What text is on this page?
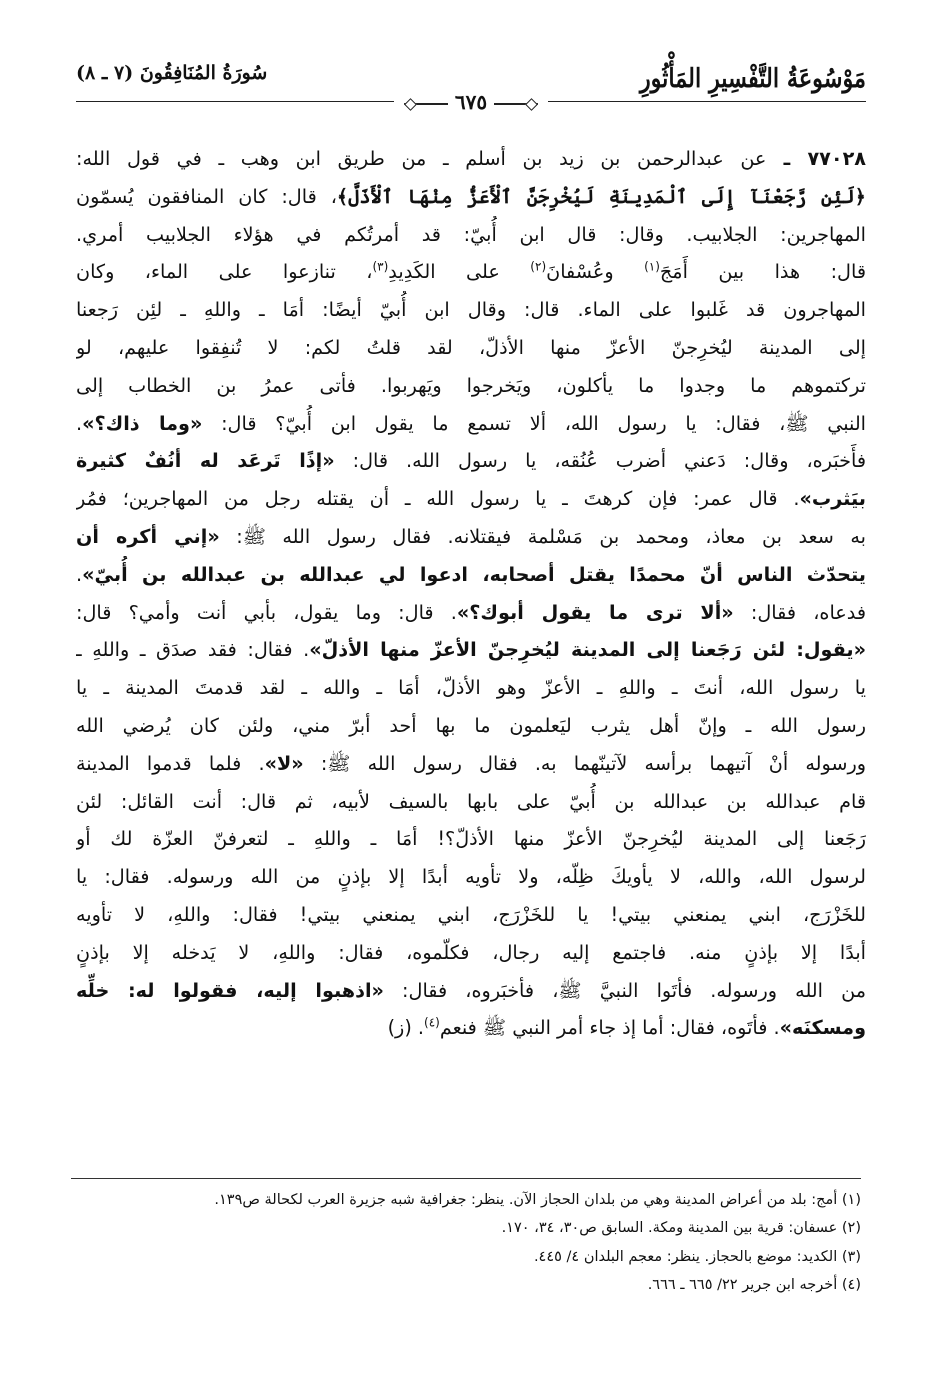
مَوْسُوعَةُ التَّفْسِيرِ المَأْثُورِ
سُورَةُ المُنَافِقُونَ (٧ ـ ٨)
٦٧٥
٧٧٠٢٨ ـ عن عبدالرحمن بن زيد بن أسلم ـ من طريق ابن وهب ـ في قول الله:
﴿لَئِن رَّجَعْنَآ إِلَى ٱلْمَدِينَةِ لَيُخْرِجَنَّ ٱلْأَعَزُّ مِنْهَا ٱلْأَذَلَّ﴾، قال: كان المنافقون يُسمّون
المهاجرين: الجلابيب. وقال: قال ابن أُبيّ: قد أمرتُكم في هؤلاء الجلابيب أمري.
قال: هذا بين أَمَجَ$^{(١)}$ وعُسْفانَ$^{(٢)}$ على الكَدِيدِ$^{(٣)}$، تنازعوا على الماء، وكان
المهاجرون قد غَلبوا على الماء. قال: وقال ابن أُبيّ أيضًا: أمَا ـ واللهِ ـ لئِن رَجعنا
إلى المدينة ليُخرِجنّ الأعزّ منها الأذلّ، لقد قلتُ لكم: لا تُنفِقوا عليهم، لو
تركتموهم ما وجدوا ما يأكلون، ويَخرجوا ويَهربوا. فأتى عمرُ بن الخطاب إلى
النبي ﷺ، فقال: يا رسول الله، ألا تسمع ما يقول ابن أُبيّ؟ قال: «وما ذاك؟».
فأَخبَره، وقال: دَعني أضرب عُنُقه، يا رسول الله. قال: «إذًا تَرعَد له أنُفٌ كثيرة
بيَثرب». قال عمر: فإن كرهتَ ـ يا رسول الله ـ أن يقتله رجل من المهاجرين؛ فمُر
به سعد بن معاذ، ومحمد بن مَسْلمة فيقتلانه. فقال رسول الله ﷺ: «إني أكره أن
يتحدّث الناس أنّ محمدًا يقتل أصحابه، ادعوا لي عبدالله بن عبدالله بن أُبيّ».
فدعاه، فقال: «ألا ترى ما يقول أبوك؟». قال: وما يقول، بأبي أنت وأمي؟ قال:
«يقول: لئن رَجَعنا إلى المدينة ليُخرِجنّ الأعزّ منها الأذلّ». فقال: فقد صدَق ـ واللهِ ـ
يا رسول الله، أنتَ ـ واللهِ ـ الأعزّ وهو الأذلّ، أمَا ـ والله ـ لقد قدمتَ المدينة ـ يا
رسول الله ـ وإنّ أهل يثرب ليَعلمون ما بها أحد أبرّ مني، ولئن كان يُرضي الله
ورسوله أنْ آتيهما برأسه لآتينّهما به. فقال رسول الله ﷺ: «لا». فلما قدموا المدينة
قام عبدالله بن عبدالله بن أُبيّ على بابها بالسيف لأبيه، ثم قال: أنت القائل: لئن
رَجَعنا إلى المدينة ليُخرِجنّ الأعزّ منها الأذلّ؟! أمَا ـ واللهِ ـ لتعرفنّ العزّة لك أو
لرسول الله، والله، لا يأويكَ ظِلّه، ولا تأويه أبدًا إلا بإذنٍ من الله ورسوله. فقال: يا
للخَزْرَج، ابني يمنعني بيتي! يا للخَزْرَج، ابني يمنعني بيتي! فقال: واللهِ، لا تأويه
أبدًا إلا بإذنٍ منه. فاجتمع إليه رجال، فكلّموه، فقال: واللهِ، لا يَدخله إلا بإذنٍ
من الله ورسوله. فأتَوا النبيَّ ﷺ، فأخبَروه، فقال: «اذهبوا إليه، فقولوا له: خلِّه
ومسكنَه». فأتَوه، فقال: أما إذ جاء أمر النبي ﷺ فنعم$^{(٤)}$. (ز)
(١) أمج: بلد من أعراض المدينة وهي من بلدان الحجاز الآن. ينظر: جغرافية شبه جزيرة العرب لكحالة ص١٣٩.
(٢) عسفان: قرية بين المدينة ومكة. السابق ص٣٠، ٣٤، ١٧٠.
(٣) الكديد: موضع بالحجاز. ينظر: معجم البلدان ٤/ ٤٤٥.
(٤) أخرجه ابن جرير ٢٢/ ٦٦٥ ـ ٦٦٦.
